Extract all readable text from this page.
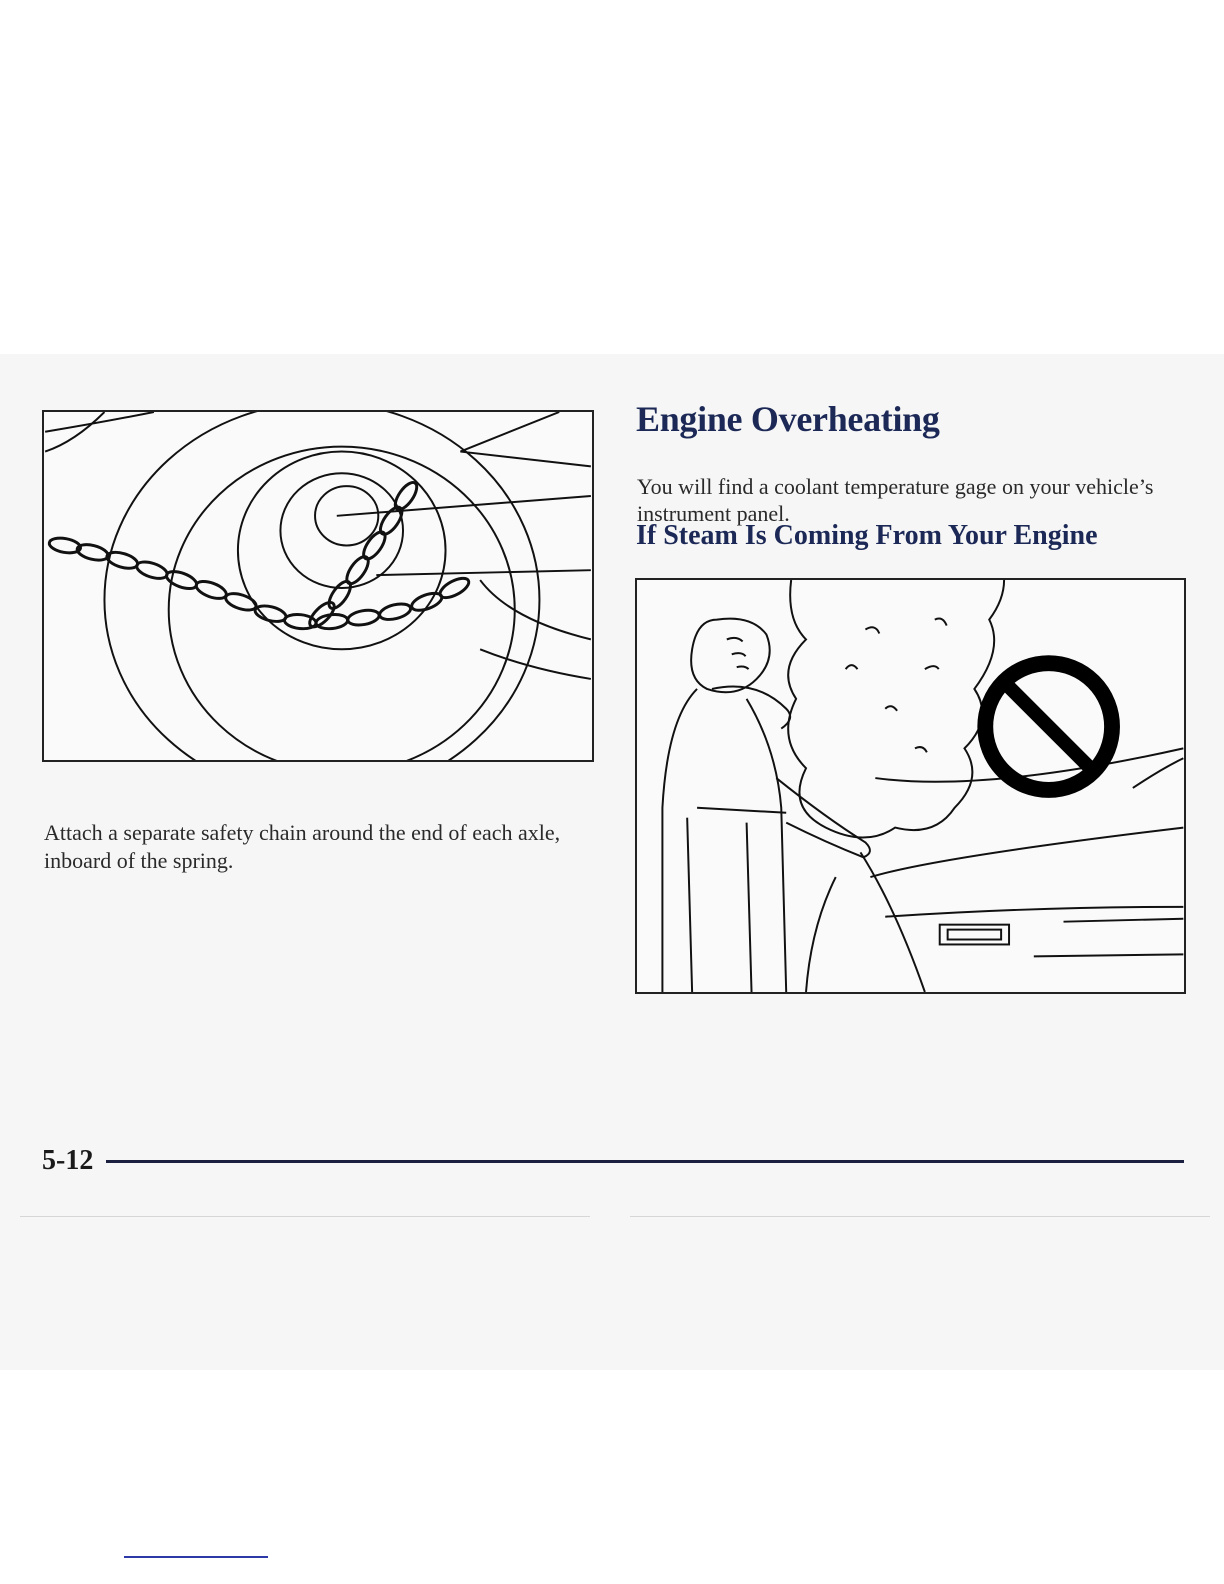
Attach a separate safety chain around the end of each axle, inboard of the spring.

Engine Overheating

You will find a coolant temperature gage on your vehicle’s instrument panel.

If Steam Is Coming From Your Engine
5-12
